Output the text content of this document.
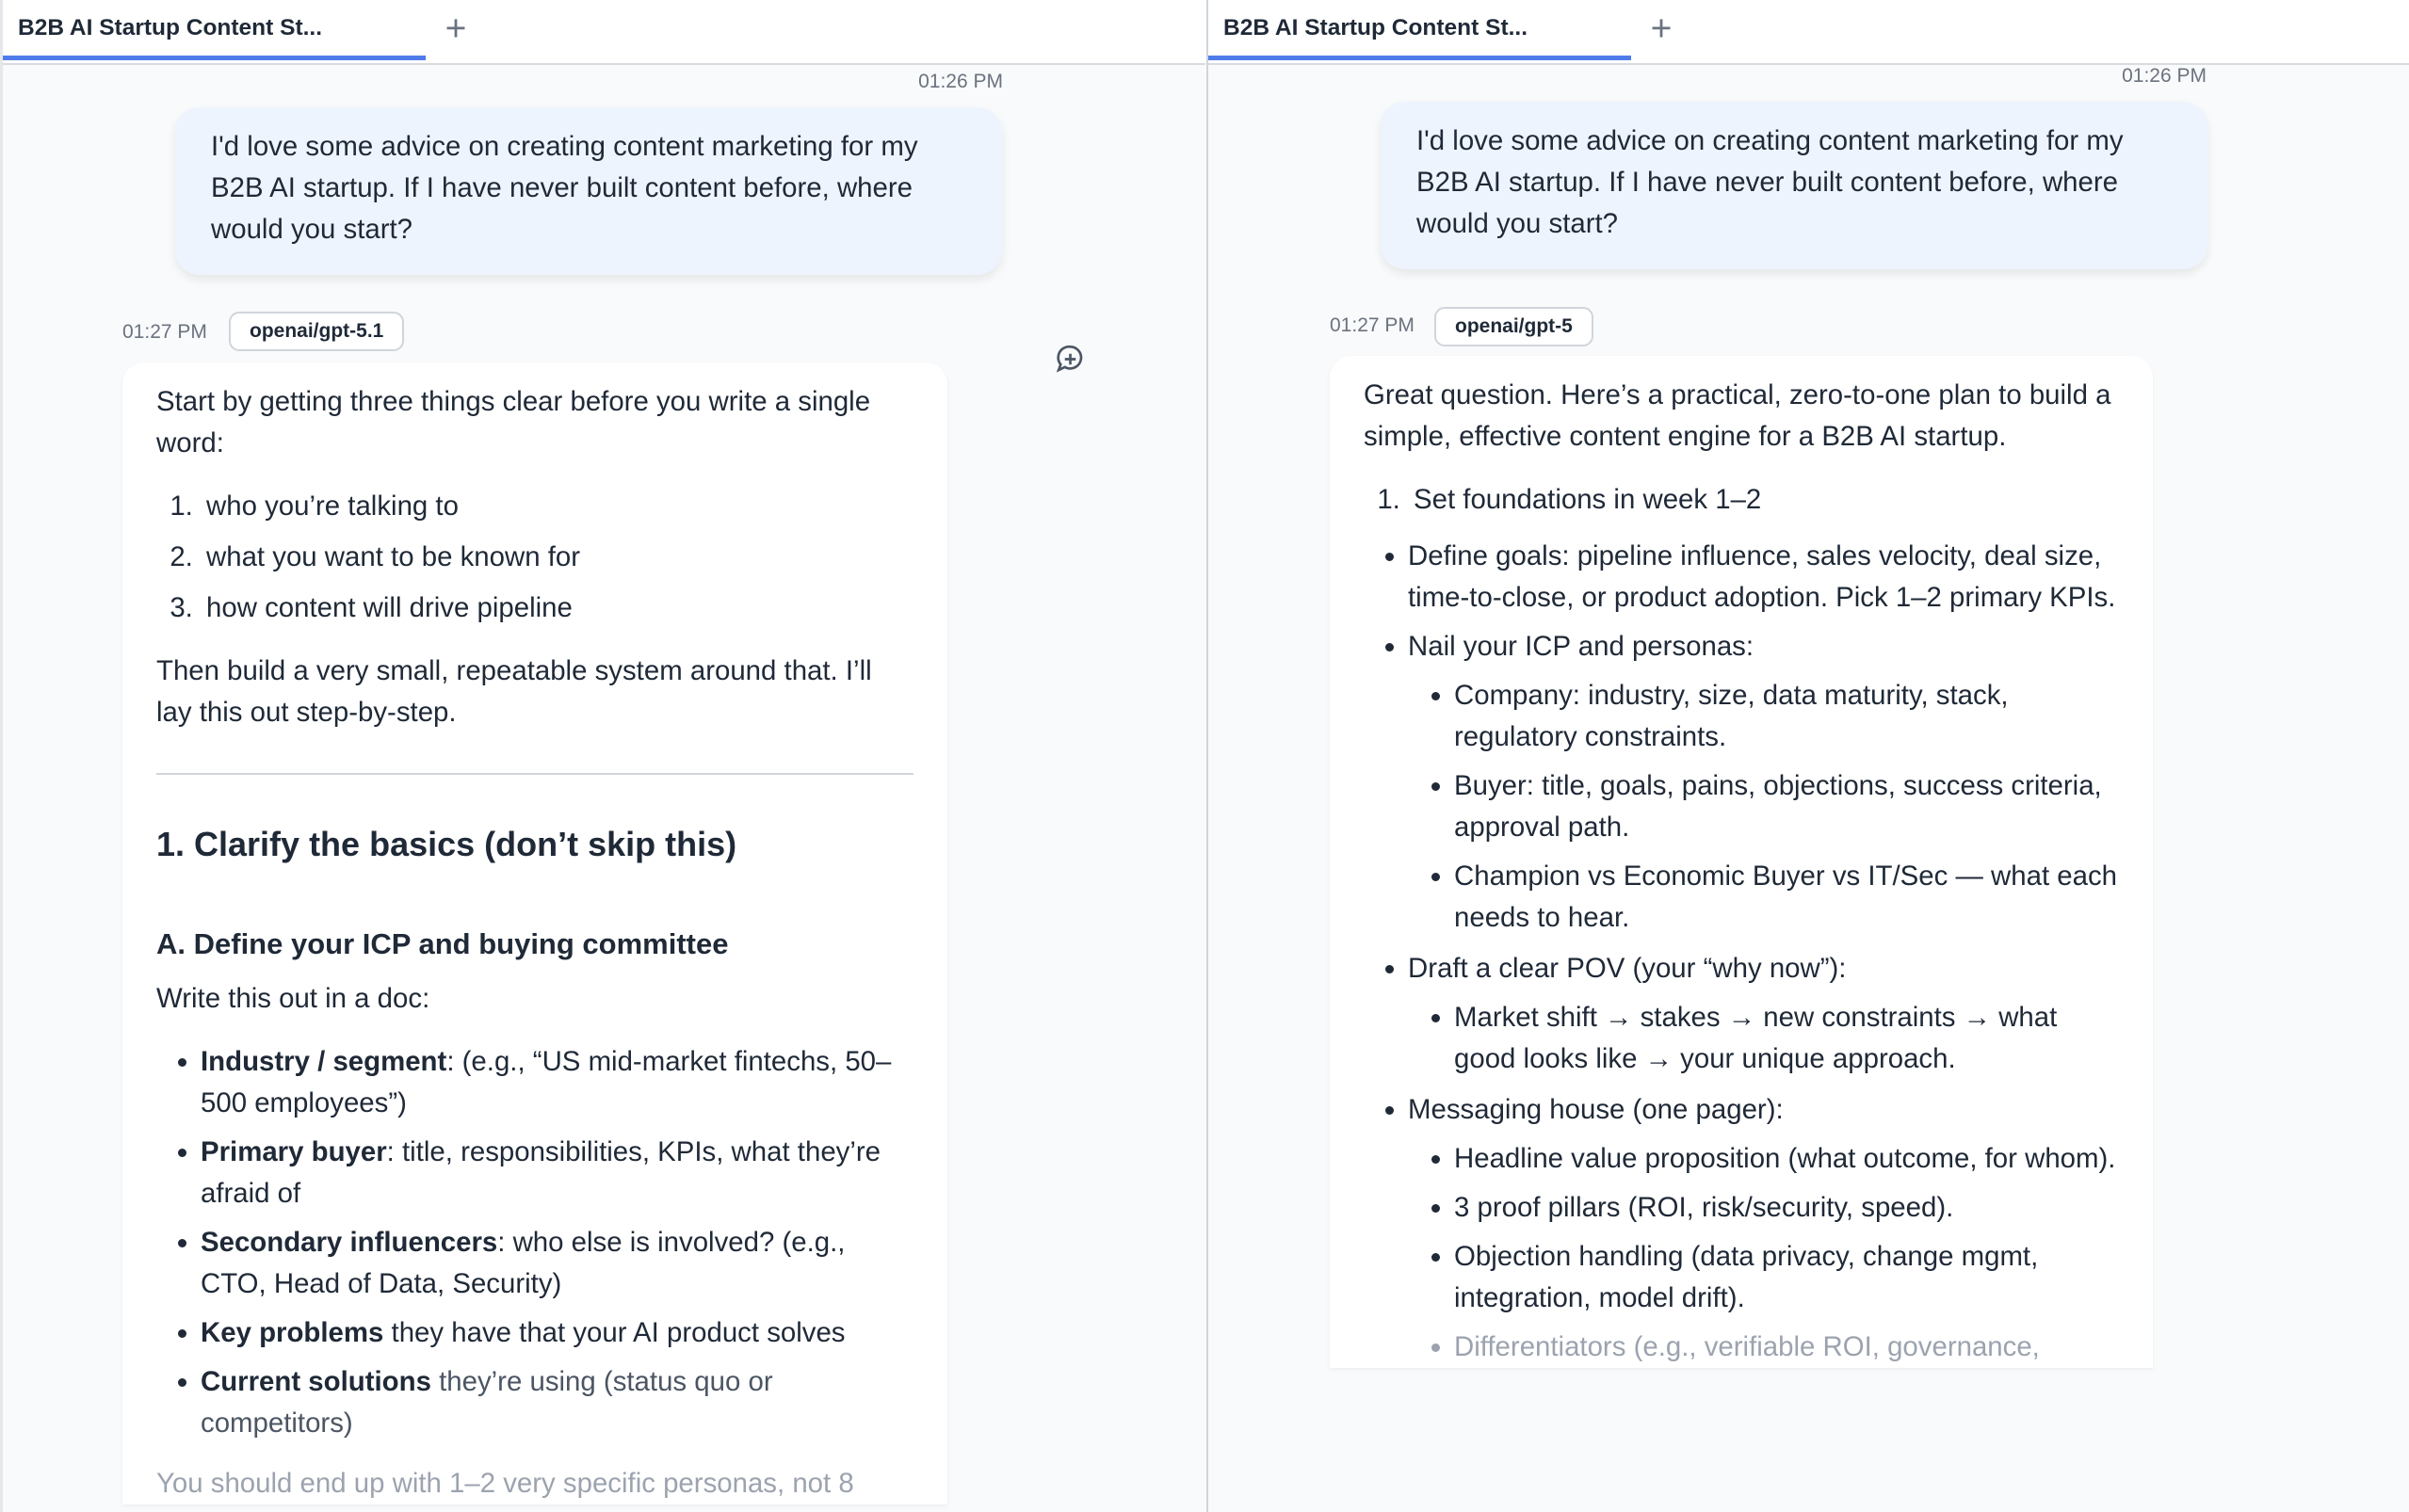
B2B AI Startup Content St...	+
01:26 PM
I'd love some advice on creating content marketing for my B2B AI startup. If I have never built content before, where would you start?
01:27 PM	openai/gpt-5.1

Start by getting three things clear before you write a single word:

1. who you’re talking to
2. what you want to be known for
3. how content will drive pipeline

Then build a very small, repeatable system around that. I’ll lay this out step-by-step.

1. Clarify the basics (don’t skip this)
A. Define your ICP and buying committee

Write this out in a doc:

• Industry / segment: (e.g., “US mid-market fintechs, 50–500 employees”)
• Primary buyer: title, responsibilities, KPIs, what they’re afraid of
• Secondary influencers: who else is involved? (e.g., CTO, Head of Data, Security)
• Key problems they have that your AI product solves
• Current solutions they’re using (status quo or competitors)

You should end up with 1–2 very specific personas, not 8

B2B AI Startup Content St...	+
01:26 PM
I'd love some advice on creating content marketing for my B2B AI startup. If I have never built content before, where would you start?
01:27 PM	openai/gpt-5

Great question. Here’s a practical, zero-to-one plan to build a simple, effective content engine for a B2B AI startup.

1. Set foundations in week 1–2
• Define goals: pipeline influence, sales velocity, deal size, time-to-close, or product adoption. Pick 1–2 primary KPIs.
• Nail your ICP and personas:
• Company: industry, size, data maturity, stack, regulatory constraints.
• Buyer: title, goals, pains, objections, success criteria, approval path.
• Champion vs Economic Buyer vs IT/Sec — what each needs to hear.
• Draft a clear POV (your “why now”):
• Market shift → stakes → new constraints → what good looks like → your unique approach.
• Messaging house (one pager):
• Headline value proposition (what outcome, for whom).
• 3 proof pillars (ROI, risk/security, speed).
• Objection handling (data privacy, change mgmt, integration, model drift).
• Differentiators (e.g., verifiable ROI, governance,
